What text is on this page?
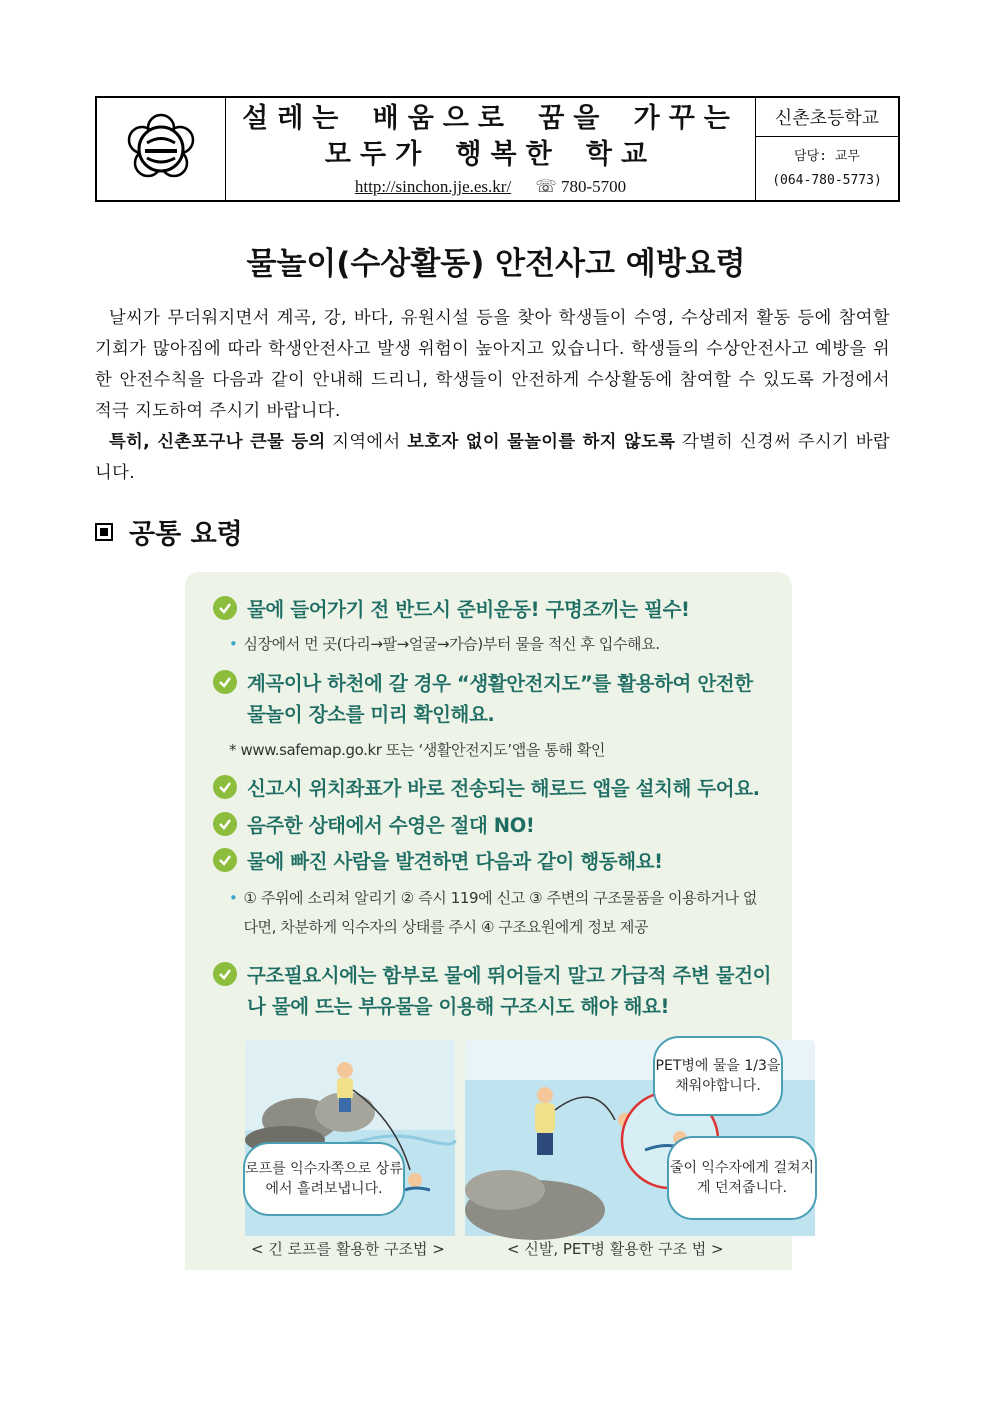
설레는 배움으로 꿈을 가꾸는
모두가 행복한 학교
http://sinchon.jje.es.kr/ ☏ 780-5700
신촌초등학교
담당: 교무
(064-780-5773)
물놀이(수상활동) 안전사고 예방요령

날씨가 무더워지면서 계곡, 강, 바다, 유원시설 등을 찾아 학생들이 수영, 수상레저 활동 등에 참여할 기회가 많아짐에 따라 학생안전사고 발생 위험이 높아지고 있습니다. 학생들의 수상안전사고 예방을 위한 안전수칙을 다음과 같이 안내해 드리니, 학생들이 안전하게 수상활동에 참여할 수 있도록 가정에서 적극 지도하여 주시기 바랍니다.

특히, 신촌포구나 큰물 등의 지역에서 보호자 없이 물놀이를 하지 않도록 각별히 신경써 주시기 바랍니다.

공통 요령
물에 들어가기 전 반드시 준비운동! 구명조끼는 필수!
• 심장에서 먼 곳(다리→팔→얼굴→가슴)부터 물을 적신 후 입수해요.
계곡이나 하천에 갈 경우 “생활안전지도”를 활용하여 안전한 물놀이 장소를 미리 확인해요.
* www.safemap.go.kr 또는 ‘생활안전지도’앱을 통해 확인
신고시 위치좌표가 바로 전송되는 해로드 앱을 설치해 두어요.
음주한 상태에서 수영은 절대 NO!
물에 빠진 사람을 발견하면 다음과 같이 행동해요!
• ① 주위에 소리쳐 알리기 ② 즉시 119에 신고 ③ 주변의 구조물품을 이용하거나 없다면, 차분하게 익수자의 상태를 주시 ④ 구조요원에게 정보 제공
구조필요시에는 함부로 물에 뛰어들지 말고 가급적 주변 물건이나 물에 뜨는 부유물을 이용해 구조시도 해야 해요!
로프를 익수자쪽으로 상류에서 흘려보냅니다.
PET병에 물을 1/3을 채워야합니다.
줄이 익수자에게 걸쳐지게 던져줍니다.
< 긴 로프를 활용한 구조법 >	< 신발, PET병 활용한 구조 법 >
